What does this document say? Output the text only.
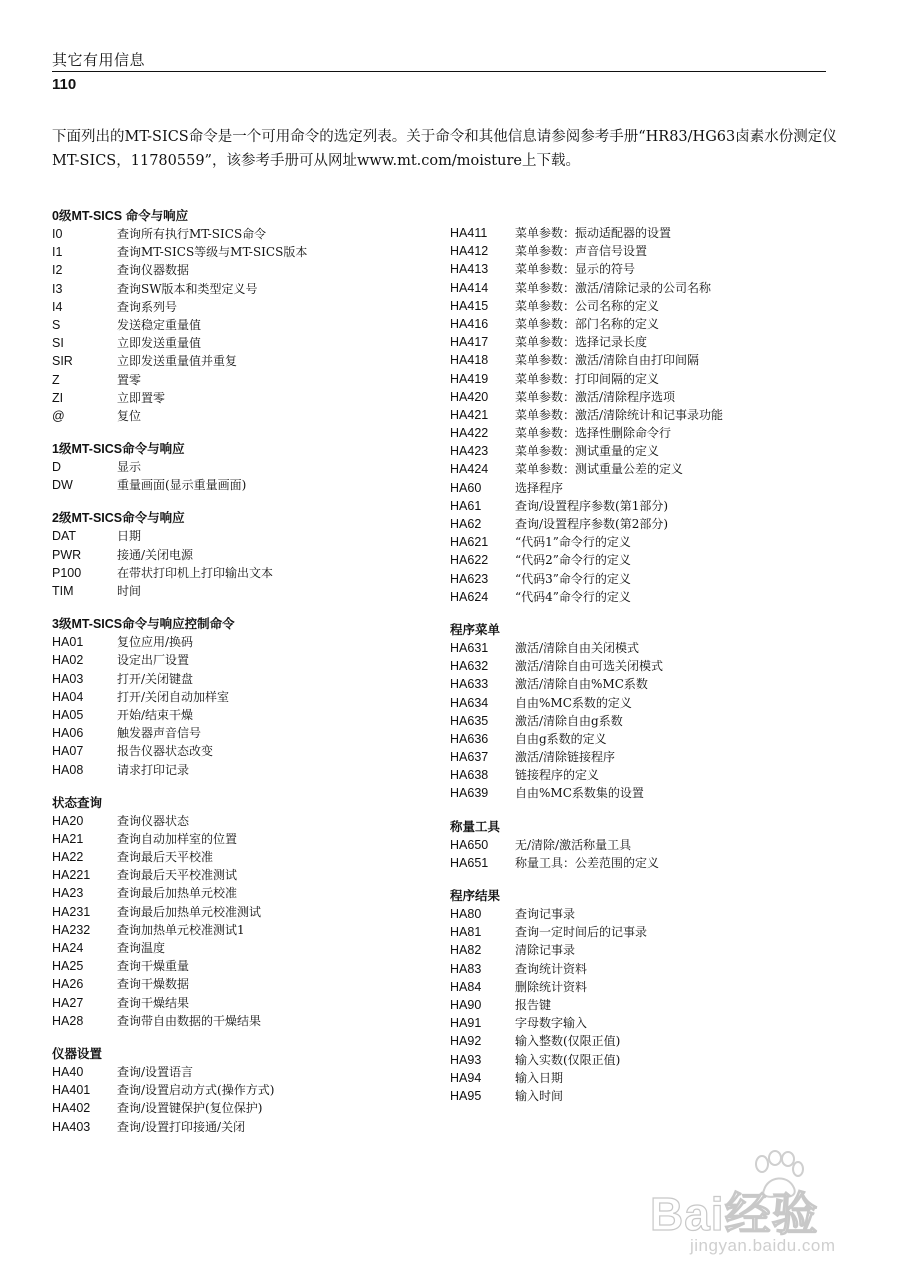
其它有用信息
110
下面列出的MT-SICS命令是一个可用命令的选定列表。关于命令和其他信息请参阅参考手册“HR83/HG63卤素水份测定仪MT-SICS，11780559”，该参考手册可从网址www.mt.com/moisture上下载。
0级MT-SICS 命令与响应
I0	查询所有执行MT-SICS命令
I1	查询MT-SICS等级与MT-SICS版本
I2	查询仪器数据
I3	查询SW版本和类型定义号
I4	查询系列号
S	发送稳定重量值
SI	立即发送重量值
SIR	立即发送重量值并重复
Z	置零
ZI	立即置零
@	复位
1级MT-SICS命令与响应
D	显示
DW	重量画面(显示重量画面)
2级MT-SICS命令与响应
DAT	日期
PWR	接通/关闭电源
P100	在带状打印机上打印输出文本
TIM	时间
3级MT-SICS命令与响应控制命令
HA01	复位应用/换码
HA02	设定出厂设置
HA03	打开/关闭键盘
HA04	打开/关闭自动加样室
HA05	开始/结束干燥
HA06	触发器声音信号
HA07	报告仪器状态改变
HA08	请求打印记录
状态查询
HA20	查询仪器状态
HA21	查询自动加样室的位置
HA22	查询最后天平校准
HA221	查询最后天平校准测试
HA23	查询最后加热单元校准
HA231	查询最后加热单元校准测试
HA232	查询加热单元校准测试1
HA24	查询温度
HA25	查询干燥重量
HA26	查询干燥数据
HA27	查询干燥结果
HA28	查询带自由数据的干燥结果
仪器设置
HA40	查询/设置语言
HA401	查询/设置启动方式(操作方式)
HA402	查询/设置键保护(复位保护)
HA403	查询/设置打印接通/关闭
HA411	菜单参数：振动适配器的设置
HA412	菜单参数：声音信号设置
HA413	菜单参数：显示的符号
HA414	菜单参数：激活/清除记录的公司名称
HA415	菜单参数：公司名称的定义
HA416	菜单参数：部门名称的定义
HA417	菜单参数：选择记录长度
HA418	菜单参数：激活/清除自由打印间隔
HA419	菜单参数：打印间隔的定义
HA420	菜单参数：激活/清除程序选项
HA421	菜单参数：激活/清除统计和记事录功能
HA422	菜单参数：选择性删除命令行
HA423	菜单参数：测试重量的定义
HA424	菜单参数：测试重量公差的定义
HA60	选择程序
HA61	查询/设置程序参数(第1部分)
HA62	查询/设置程序参数(第2部分)
HA621	“代码1”命令行的定义
HA622	“代码2”命令行的定义
HA623	“代码3”命令行的定义
HA624	“代码4”命令行的定义
程序菜单
HA631	激活/清除自由关闭模式
HA632	激活/清除自由可选关闭模式
HA633	激活/清除自由%MC系数
HA634	自由%MC系数的定义
HA635	激活/清除自由g系数
HA636	自由g系数的定义
HA637	激活/清除链接程序
HA638	链接程序的定义
HA639	自由%MC系数集的设置
称量工具
HA650	无/清除/激活称量工具
HA651	称量工具：公差范围的定义
程序结果
HA80	查询记事录
HA81	查询一定时间后的记事录
HA82	清除记事录
HA83	查询统计资料
HA84	删除统计资料
HA90	报告键
HA91	字母数字输入
HA92	输入整数(仅限正值)
HA93	输入实数(仅限正值)
HA94	输入日期
HA95	输入时间
Bai经验
jingyan.baidu.com
